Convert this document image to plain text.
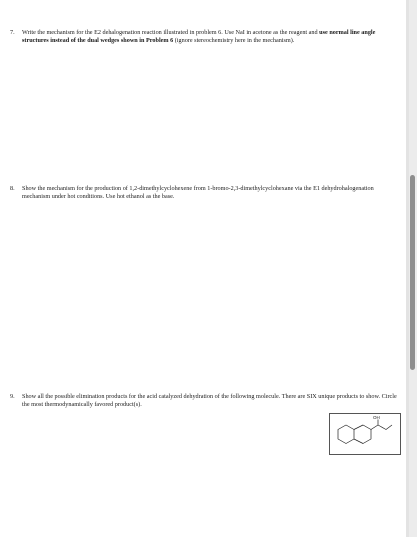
7. Write the mechanism for the E2 dehalogenation reaction illustrated in problem 6. Use NaI in acetone as the reagent and use normal line angle structures instead of the dual wedges shown in Problem 6 (ignore stereochemistry here in the mechanism).
8. Show the mechanism for the production of 1,2-dimethylcyclohexene from 1-bromo-2,3-dimethylcyclohexane via the E1 dehydrohalogenation mechanism under hot conditions. Use hot ethanol as the base.
9. Show all the possible elimination products for the acid catalyzed dehydration of the following molecule. There are SIX unique products to show. Circle the most thermodynamically favored product(s).
OH
